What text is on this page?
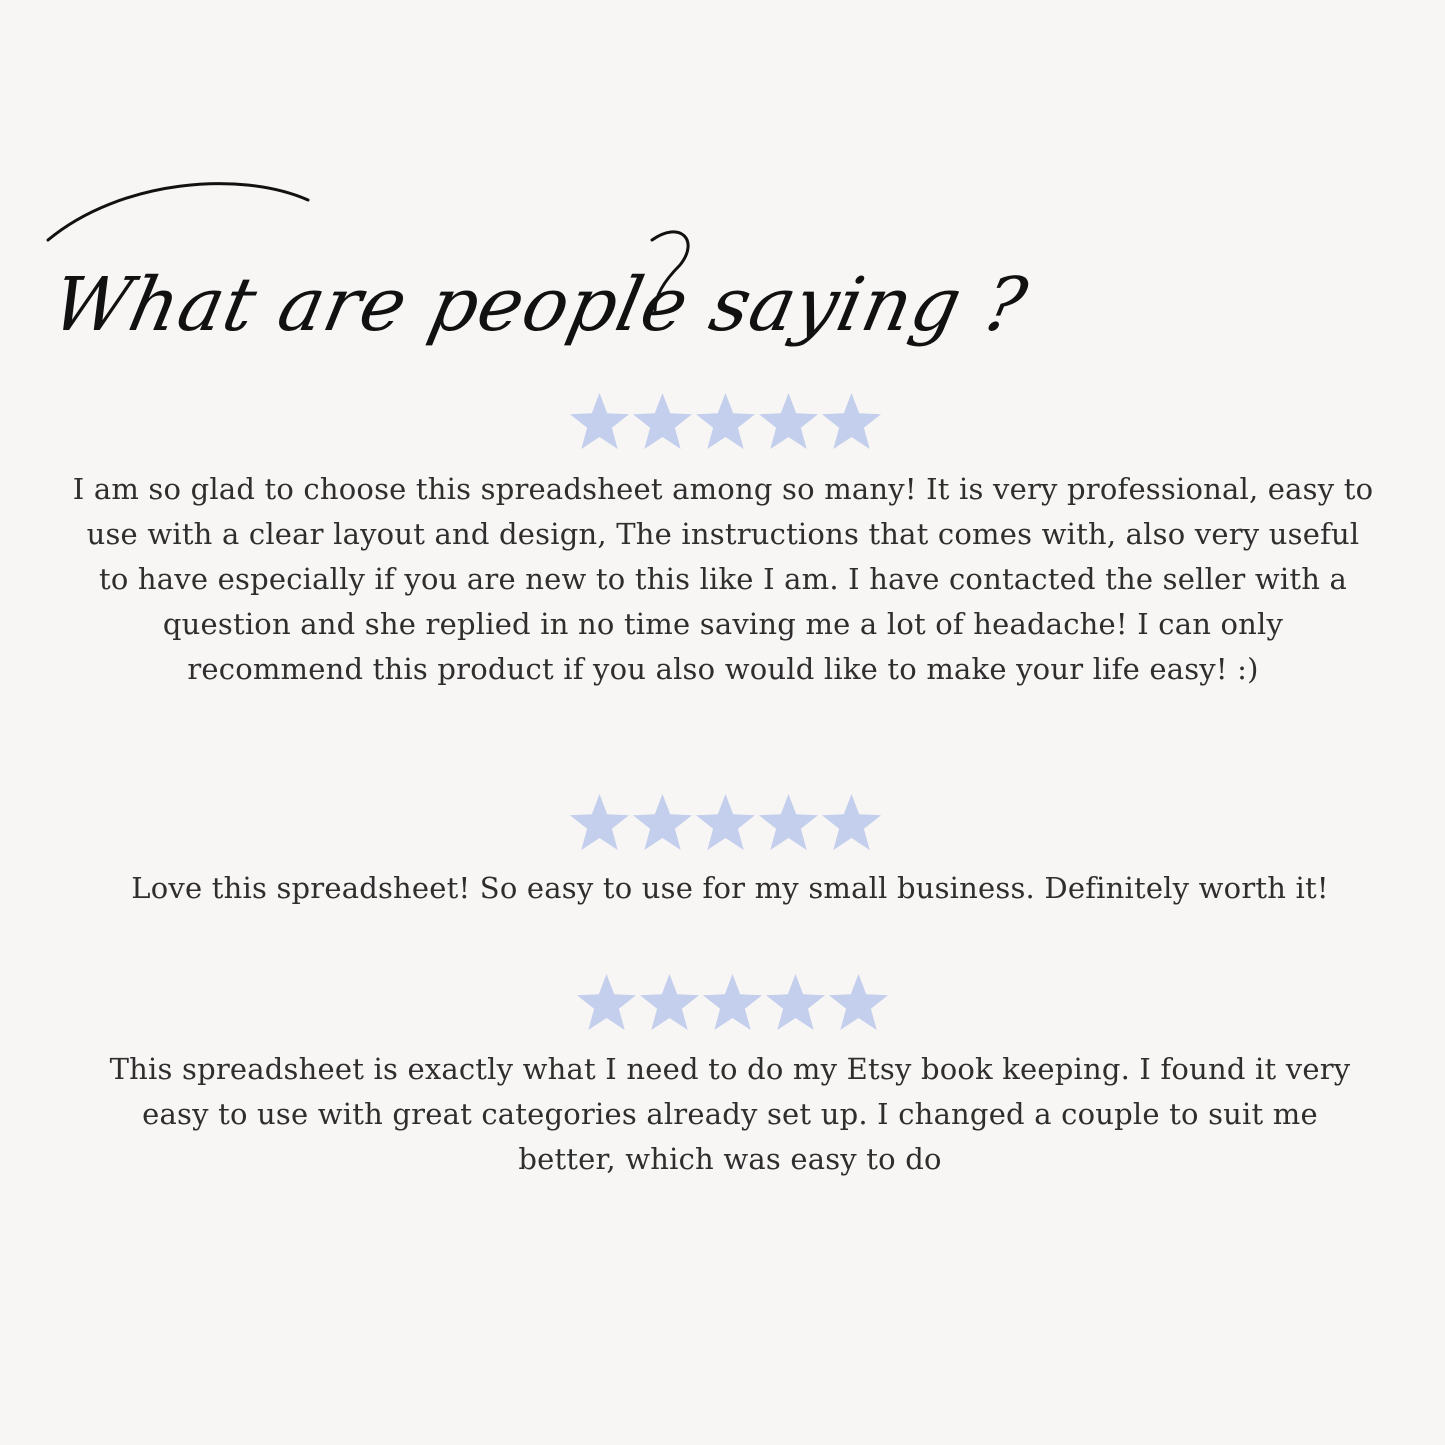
What are people saying ?

I am so glad to choose this spreadsheet among so many! It is very professional, easy to use with a clear layout and design, The instructions that comes with, also very useful to have especially if you are new to this like I am. I have contacted the seller with a question and she replied in no time saving me a lot of headache! I can only recommend this product if you also would like to make your life easy! :)

Love this spreadsheet! So easy to use for my small business. Definitely worth it!

This spreadsheet is exactly what I need to do my Etsy book keeping. I found it very easy to use with great categories already set up. I changed a couple to suit me better, which was easy to do
